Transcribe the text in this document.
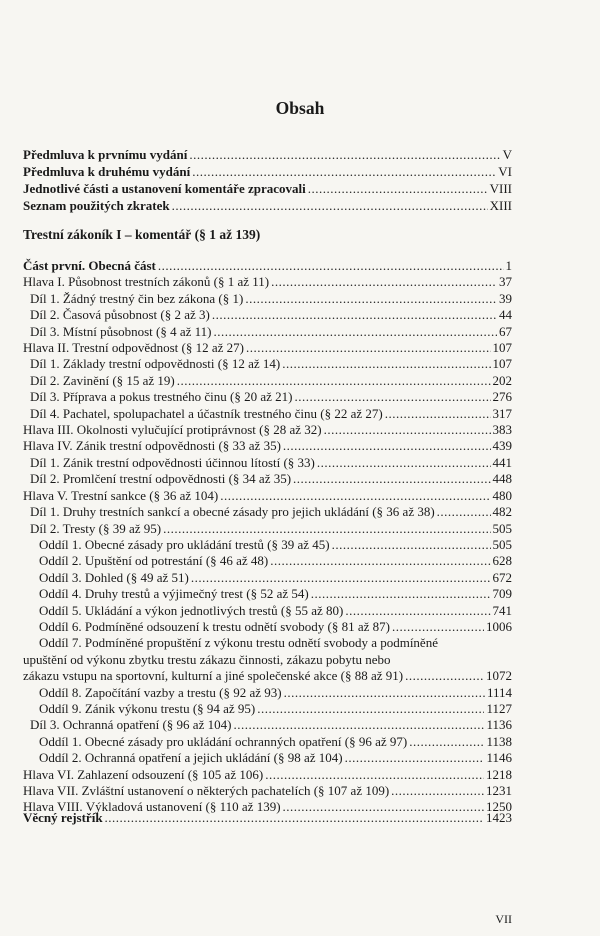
Obsah
Předmluva k prvnímu vydání .....	V
Předmluva k druhému vydání .....	VI
Jednotlivé části a ustanovení komentáře zpracovali .....	VIII
Seznam použitých zkratek .....	XIII
Trestní zákoník I – komentář (§ 1 až 139)
Část první. Obecná část .....	1
Hlava I. Působnost trestních zákonů (§ 1 až 11) .....	37
Díl 1. Žádný trestný čin bez zákona (§ 1) .....	39
Díl 2. Časová působnost (§ 2 až 3) .....	44
Díl 3. Místní působnost (§ 4 až 11) .....	67
Hlava II. Trestní odpovědnost (§ 12 až 27) .....	107
Díl 1. Základy trestní odpovědnosti (§ 12 až 14) .....	107
Díl 2. Zavinění (§ 15 až 19) .....	202
Díl 3. Příprava a pokus trestného činu (§ 20 až 21) .....	276
Díl 4. Pachatel, spolupachatel a účastník trestného činu (§ 22 až 27) .....	317
Hlava III. Okolnosti vylučující protiprávnost (§ 28 až 32) .....	383
Hlava IV. Zánik trestní odpovědnosti (§ 33 až 35) .....	439
Díl 1. Zánik trestní odpovědnosti účinnou lítostí (§ 33) .....	441
Díl 2. Promlčení trestní odpovědnosti (§ 34 až 35) .....	448
Hlava V. Trestní sankce (§ 36 až 104) .....	480
Díl 1. Druhy trestních sankcí a obecné zásady pro jejich ukládání (§ 36 až 38) .....	482
Díl 2. Tresty (§ 39 až 95) .....	505
Oddíl 1. Obecné zásady pro ukládání trestů (§ 39 až 45) .....	505
Oddíl 2. Upuštění od potrestání (§ 46 až 48) .....	628
Oddíl 3. Dohled (§ 49 až 51) .....	672
Oddíl 4. Druhy trestů a výjimečný trest (§ 52 až 54) .....	709
Oddíl 5. Ukládání a výkon jednotlivých trestů (§ 55 až 80) .....	741
Oddíl 6. Podmíněné odsouzení k trestu odnětí svobody (§ 81 až 87) .....	1006
Oddíl 7. Podmíněné propuštění z výkonu trestu odnětí svobody a podmíněné
upuštění od výkonu zbytku trestu zákazu činnosti, zákazu pobytu nebo
zákazu vstupu na sportovní, kulturní a jiné společenské akce (§ 88 až 91) .....	1072
Oddíl 8. Započítání vazby a trestu (§ 92 až 93) .....	1114
Oddíl 9. Zánik výkonu trestu (§ 94 až 95) .....	1127
Díl 3. Ochranná opatření (§ 96 až 104) .....	1136
Oddíl 1. Obecné zásady pro ukládání ochranných opatření (§ 96 až 97) .....	1138
Oddíl 2. Ochranná opatření a jejich ukládání (§ 98 až 104) .....	1146
Hlava VI. Zahlazení odsouzení (§ 105 až 106) .....	1218
Hlava VII. Zvláštní ustanovení o některých pachatelích (§ 107 až 109) .....	1231
Hlava VIII. Výkladová ustanovení (§ 110 až 139) .....	1250
Věcný rejstřík .....	1423
VII
